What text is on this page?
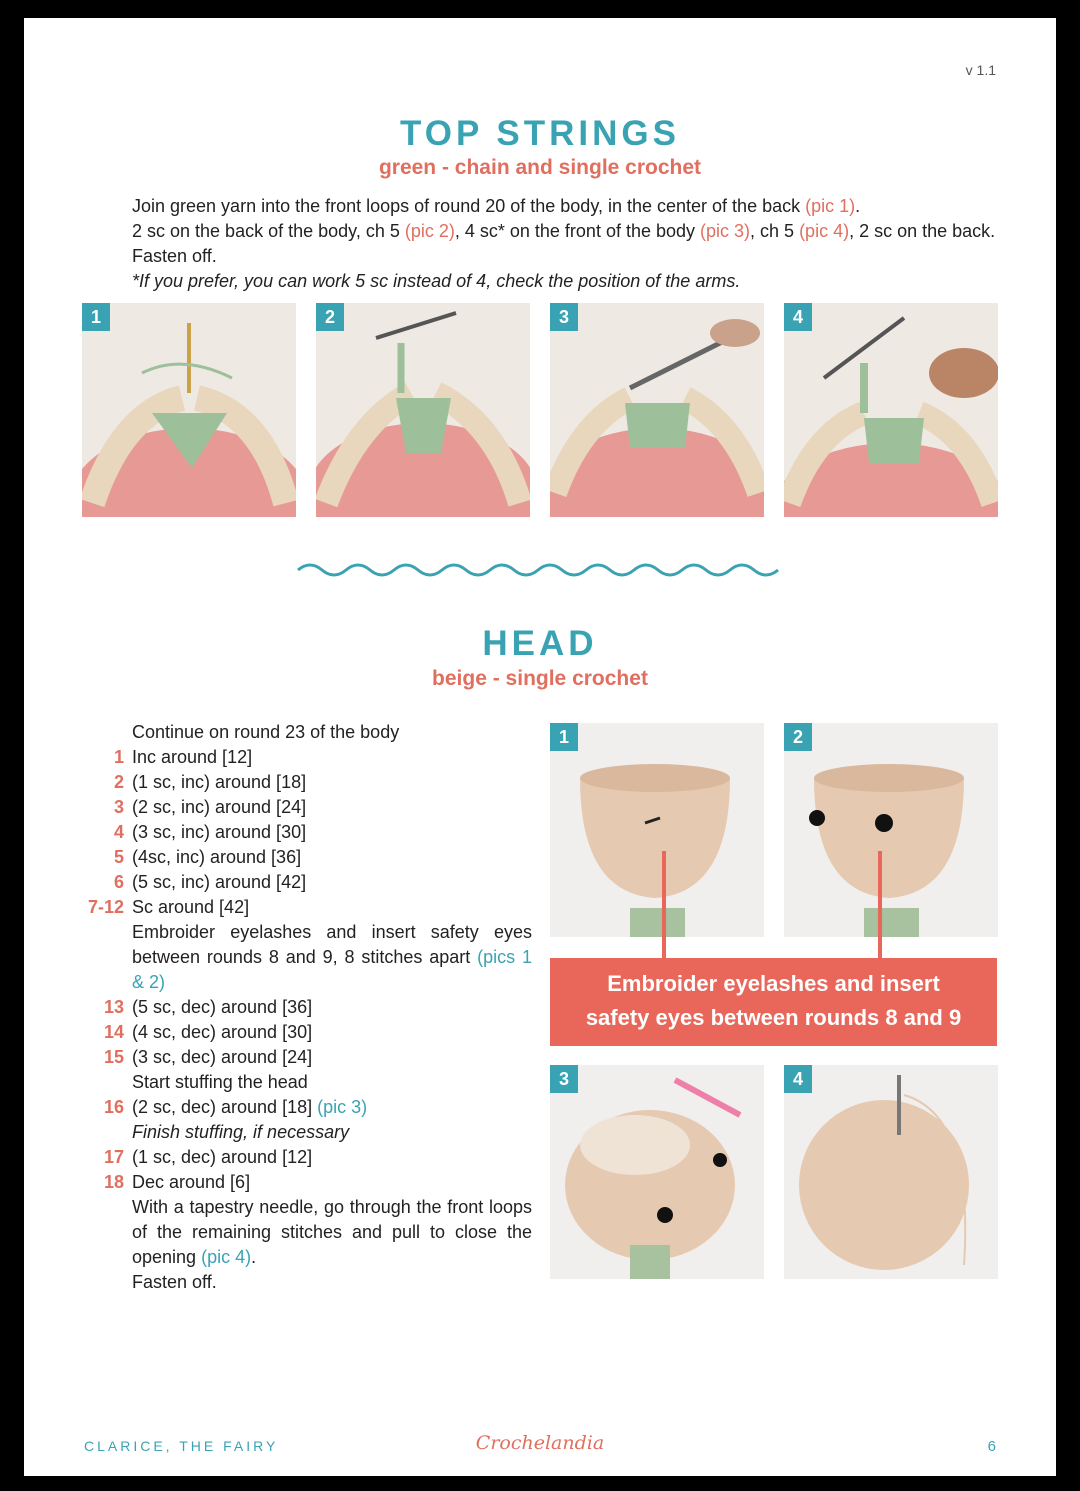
v 1.1
TOP STRINGS
green - chain and single crochet
Join green yarn into the front loops of round 20 of the body, in the center of the back (pic 1).
2 sc on the back of the body, ch 5 (pic 2), 4 sc* on the front of the body (pic 3), ch 5 (pic 4), 2 sc on the back. Fasten off.
*If you prefer, you can work 5 sc instead of 4, check the position of the arms.
1	2	3	4
HEAD
beige - single crochet
Continue on round 23 of the body
1 Inc around [12]
2 (1 sc, inc) around [18]
3 (2 sc, inc) around [24]
4 (3 sc, inc) around [30]
5 (4sc, inc) around [36]
6 (5 sc, inc) around [42]
7-12 Sc around [42]
Embroider eyelashes and insert safety eyes between rounds 8 and 9, 8 stitches apart (pics 1 & 2)
13 (5 sc, dec) around [36]
14 (4 sc, dec) around [30]
15 (3 sc, dec) around [24]
Start stuffing the head
16 (2 sc, dec) around [18] (pic 3)
Finish stuffing, if necessary
17 (1 sc, dec) around [12]
18 Dec around [6]
With a tapestry needle, go through the front loops of the remaining stitches and pull to close the opening (pic 4).
Fasten off.
1	2
Embroider eyelashes and insert
safety eyes between rounds 8 and 9
3	4
CLARICE, THE FAIRY	Crochelandia	6
